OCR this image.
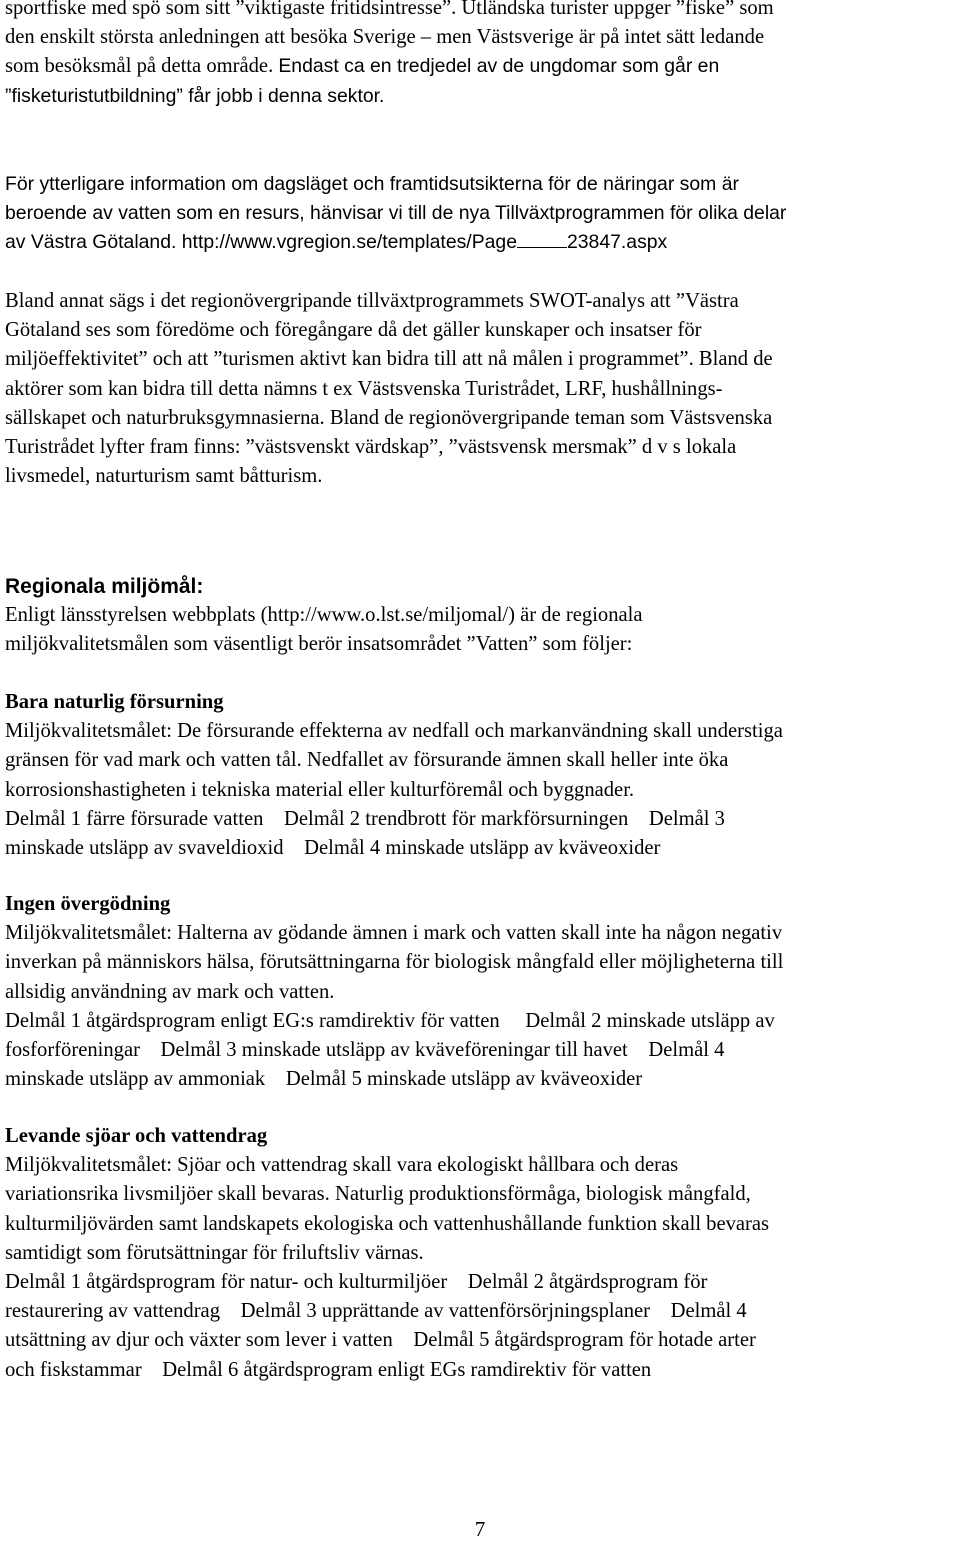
sportfiske med spö som sitt ”viktigaste fritidsintresse”. Utländska turister uppger ”fiske” som
den enskilt största anledningen att besöka Sverige – men Västsverige är på intet sätt ledande
som besöksmål på detta område. Endast ca en tredjedel av de ungdomar som går en
”fisketuristutbildning” får jobb i denna sektor.
För ytterligare information om dagsläget och framtidsutsikterna för de näringar som är
beroende av vatten som en resurs, hänvisar vi till de nya Tillväxtprogrammen för olika delar
av Västra Götaland. http://www.vgregion.se/templates/Page	23847.aspx
Bland annat sägs i det regionövergripande tillväxtprogrammets SWOT-analys att ”Västra
Götaland ses som föredöme och föregångare då det gäller kunskaper och insatser för
miljöeffektivitet” och att ”turismen aktivt kan bidra till att nå målen i programmet”. Bland de
aktörer som kan bidra till detta nämns t ex Västsvenska Turistrådet, LRF, hushållnings-
sällskapet och naturbruksgymnasierna. Bland de regionövergripande teman som Västsvenska
Turistrådet lyfter fram finns: ”västsvenskt värdskap”, ”västsvensk mersmak” d v s lokala
livsmedel, naturturism samt båtturism.
Regionala miljömål:
Enligt länsstyrelsen webbplats (http://www.o.lst.se/miljomal/) är de regionala
miljökvalitetsmålen som väsentligt berör insatsområdet ”Vatten” som följer:
Bara naturlig försurning
Miljökvalitetsmålet: De försurande effekterna av nedfall och markanvändning skall understiga
gränsen för vad mark och vatten tål. Nedfallet av försurande ämnen skall heller inte öka
korrosionshastigheten i tekniska material eller kulturföremål och byggnader.
Delmål 1 färre försurade vatten    Delmål 2 trendbrott för markförsurningen    Delmål 3
minskade utsläpp av svaveldioxid    Delmål 4 minskade utsläpp av kväveoxider
Ingen övergödning
Miljökvalitetsmålet: Halterna av gödande ämnen i mark och vatten skall inte ha någon negativ
inverkan på människors hälsa, förutsättningarna för biologisk mångfald eller möjligheterna till
allsidig användning av mark och vatten.
Delmål 1 åtgärdsprogram enligt EG:s ramdirektiv för vatten     Delmål 2 minskade utsläpp av
fosforföreningar    Delmål 3 minskade utsläpp av kväveföreningar till havet    Delmål 4
minskade utsläpp av ammoniak    Delmål 5 minskade utsläpp av kväveoxider
Levande sjöar och vattendrag
Miljökvalitetsmålet: Sjöar och vattendrag skall vara ekologiskt hållbara och deras
variationsrika livsmiljöer skall bevaras. Naturlig produktionsförmåga, biologisk mångfald,
kulturmiljövärden samt landskapets ekologiska och vattenhushållande funktion skall bevaras
samtidigt som förutsättningar för friluftsliv värnas.
Delmål 1 åtgärdsprogram för natur- och kulturmiljöer    Delmål 2 åtgärdsprogram för
restaurering av vattendrag    Delmål 3 upprättande av vattenförsörjningsplaner    Delmål 4
utsättning av djur och växter som lever i vatten    Delmål 5 åtgärdsprogram för hotade arter
och fiskstammar    Delmål 6 åtgärdsprogram enligt EGs ramdirektiv för vatten
7
